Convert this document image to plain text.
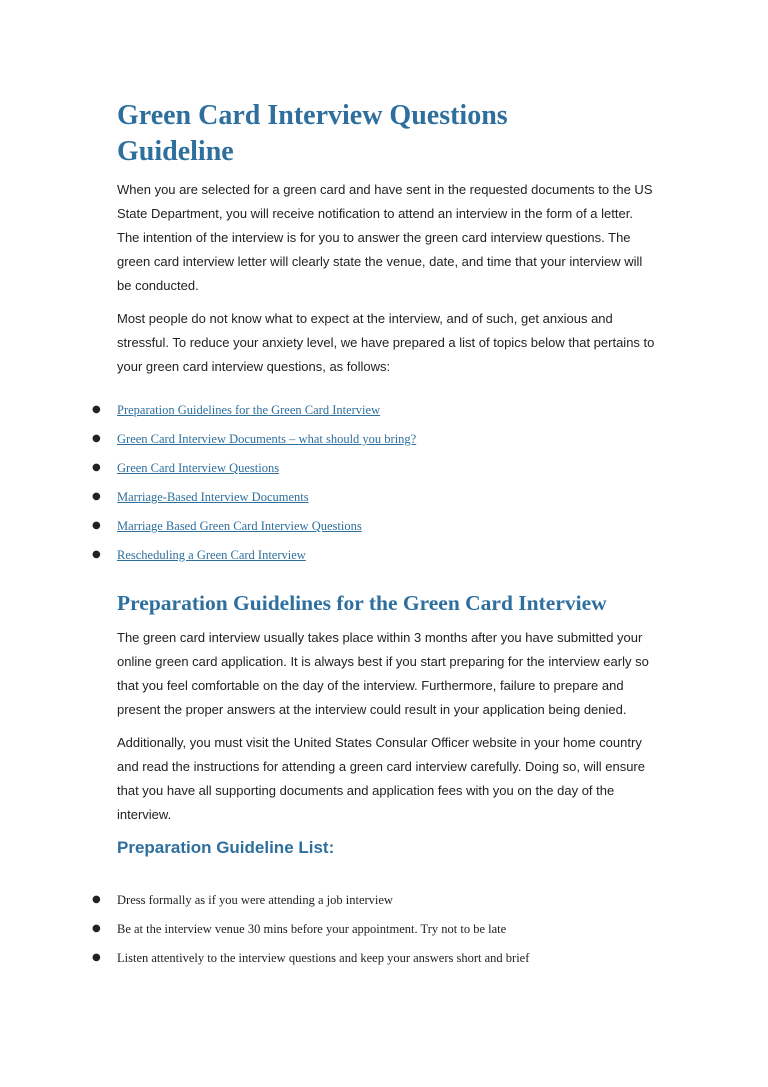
Green Card Interview Questions
Guideline

When you are selected for a green card and have sent in the requested documents to the US State Department, you will receive notification to attend an interview in the form of a letter. The intention of the interview is for you to answer the green card interview questions. The green card interview letter will clearly state the venue, date, and time that your interview will be conducted.

Most people do not know what to expect at the interview, and of such, get anxious and stressful. To reduce your anxiety level, we have prepared a list of topics below that pertains to your green card interview questions, as follows:

● Preparation Guidelines for the Green Card Interview
● Green Card Interview Documents – what should you bring?
● Green Card Interview Questions
● Marriage-Based Interview Documents
● Marriage Based Green Card Interview Questions
● Rescheduling a Green Card Interview
Preparation Guidelines for the Green Card Interview

The green card interview usually takes place within 3 months after you have submitted your online green card application. It is always best if you start preparing for the interview early so that you feel comfortable on the day of the interview. Furthermore, failure to prepare and present the proper answers at the interview could result in your application being denied.

Additionally, you must visit the United States Consular Officer website in your home country and read the instructions for attending a green card interview carefully. Doing so, will ensure that you have all supporting documents and application fees with you on the day of the interview.

Preparation Guideline List:
● Dress formally as if you were attending a job interview
● Be at the interview venue 30 mins before your appointment. Try not to be late
● Listen attentively to the interview questions and keep your answers short and brief
